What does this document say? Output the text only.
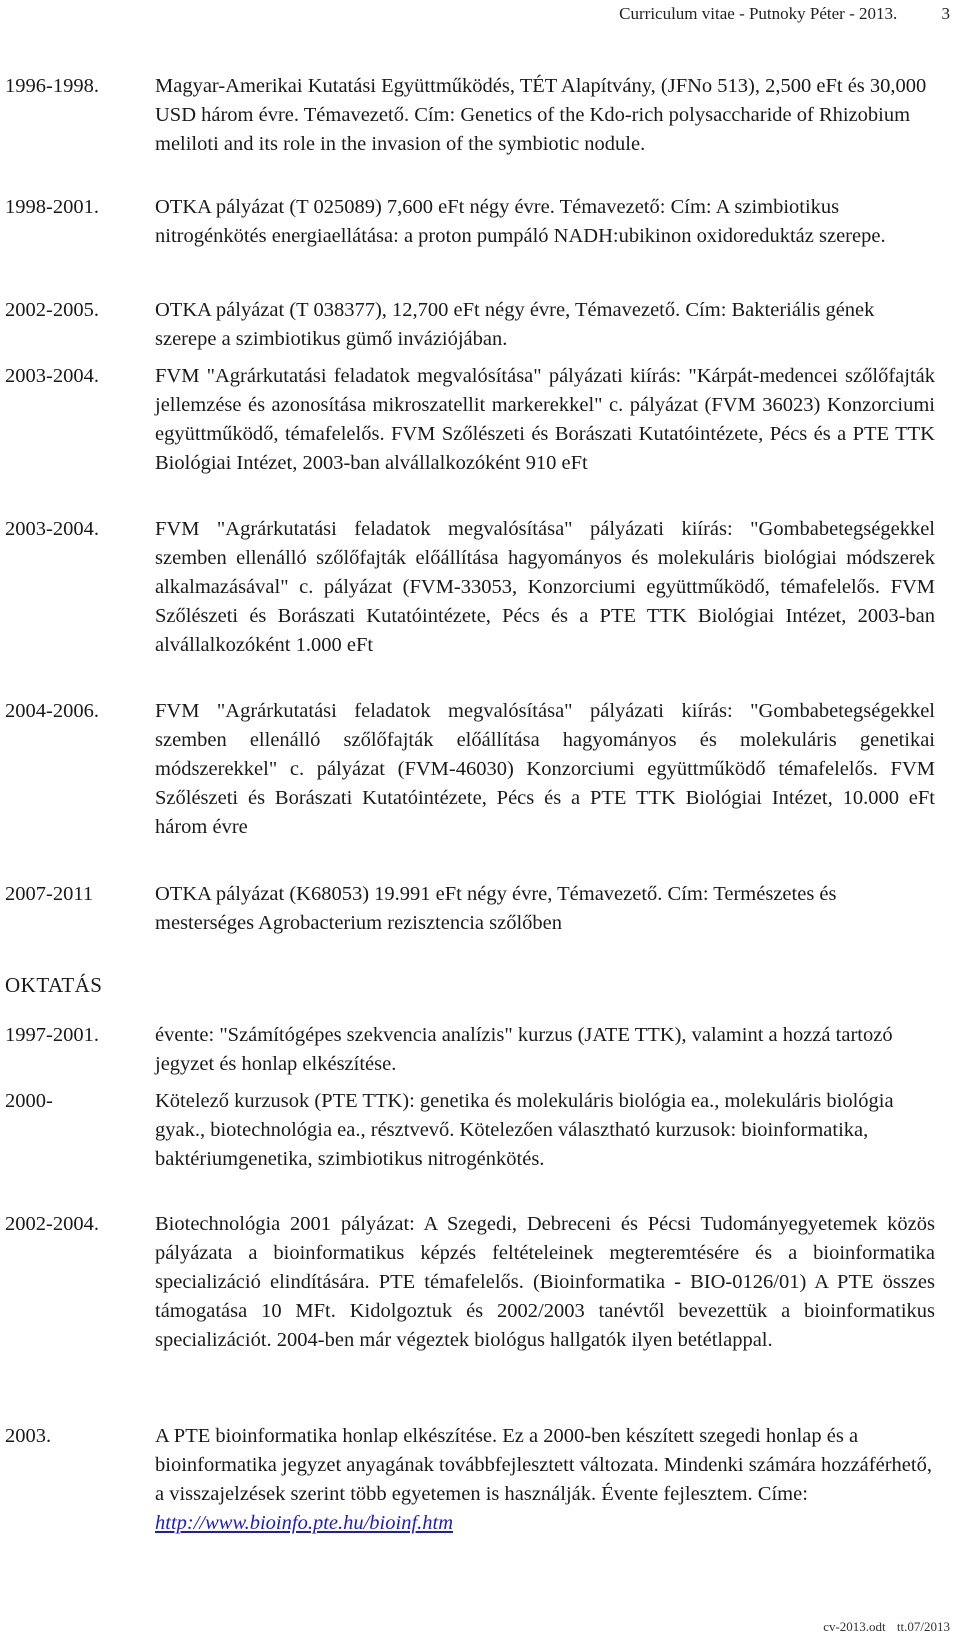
Curriculum vitae - Putnoky Péter - 2013.	3
1996-1998.	Magyar-Amerikai Kutatási Együttműködés, TÉT Alapítvány, (JFNo 513), 2,500 eFt és 30,000 USD három évre. Témavezető. Cím: Genetics of the Kdo-rich polysaccharide of Rhizobium meliloti and its role in the invasion of the symbiotic nodule.
1998-2001.	OTKA pályázat (T 025089) 7,600 eFt négy évre. Témavezető: Cím: A szimbiotikus nitrogénkötés energiaellátása: a proton pumpáló NADH:ubikinon oxidoreduktáz szerepe.
2002-2005.	OTKA pályázat (T 038377), 12,700 eFt négy évre, Témavezető. Cím: Bakteriális gének szerepe a szimbiotikus gümő inváziójában.
2003-2004.	FVM "Agrárkutatási feladatok megvalósítása" pályázati kiírás: "Kárpát-medencei szőlőfajták jellemzése és azonosítása mikroszatellit markerekkel" c. pályázat (FVM 36023) Konzorciumi együttműködő, témafelelős. FVM Szőlészeti és Borászati Kutatóintézete, Pécs és a PTE TTK Biológiai Intézet, 2003-ban alvállalkozóként 910 eFt
2003-2004.	FVM "Agrárkutatási feladatok megvalósítása" pályázati kiírás: "Gombabetegségekkel szemben ellenálló szőlőfajták előállítása hagyományos és molekuláris biológiai módszerek alkalmazásával" c. pályázat (FVM-33053, Konzorciumi együttműködő, témafelelős. FVM Szőlészeti és Borászati Kutatóintézete, Pécs és a PTE TTK Biológiai Intézet, 2003-ban alvállalkozóként 1.000 eFt
2004-2006.	FVM "Agrárkutatási feladatok megvalósítása" pályázati kiírás: "Gombabetegségekkel szemben ellenálló szőlőfajták előállítása hagyományos és molekuláris genetikai módszerekkel" c. pályázat (FVM-46030) Konzorciumi együttműködő témafelelős. FVM Szőlészeti és Borászati Kutatóintézete, Pécs és a PTE TTK Biológiai Intézet, 10.000 eFt három évre
2007-2011	OTKA pályázat (K68053) 19.991 eFt négy évre, Témavezető. Cím: Természetes és mesterséges Agrobacterium rezisztencia szőlőben
OKTATÁS
1997-2001.	évente: "Számítógépes szekvencia analízis" kurzus (JATE TTK), valamint a hozzá tartozó jegyzet és honlap elkészítése.
2000-	Kötelező kurzusok (PTE TTK): genetika és molekuláris biológia ea., molekuláris biológia gyak., biotechnológia ea., résztvevő. Kötelezően választható kurzusok: bioinformatika, baktériumgenetika, szimbiotikus nitrogénkötés.
2002-2004.	Biotechnológia 2001 pályázat: A Szegedi, Debreceni és Pécsi Tudományegyetemek közös pályázata a bioinformatikus képzés feltételeinek megteremtésére és a bioinformatika specializáció elindítására. PTE témafelelős. (Bioinformatika - BIO-0126/01) A PTE összes támogatása 10 MFt. Kidolgoztuk és 2002/2003 tanévtől bevezettük a bioinformatikus specializációt. 2004-ben már végeztek biológus hallgatók ilyen betétlappal.
2003.	A PTE bioinformatika honlap elkészítése. Ez a 2000-ben készített szegedi honlap és a bioinformatika jegyzet anyagának továbbfejlesztett változata. Mindenki számára hozzáférhető, a visszajelzések szerint több egyetemen is használják. Évente fejlesztem. Címe: http://www.bioinfo.pte.hu/bioinf.htm
cv-2013.odt tt.07/2013
